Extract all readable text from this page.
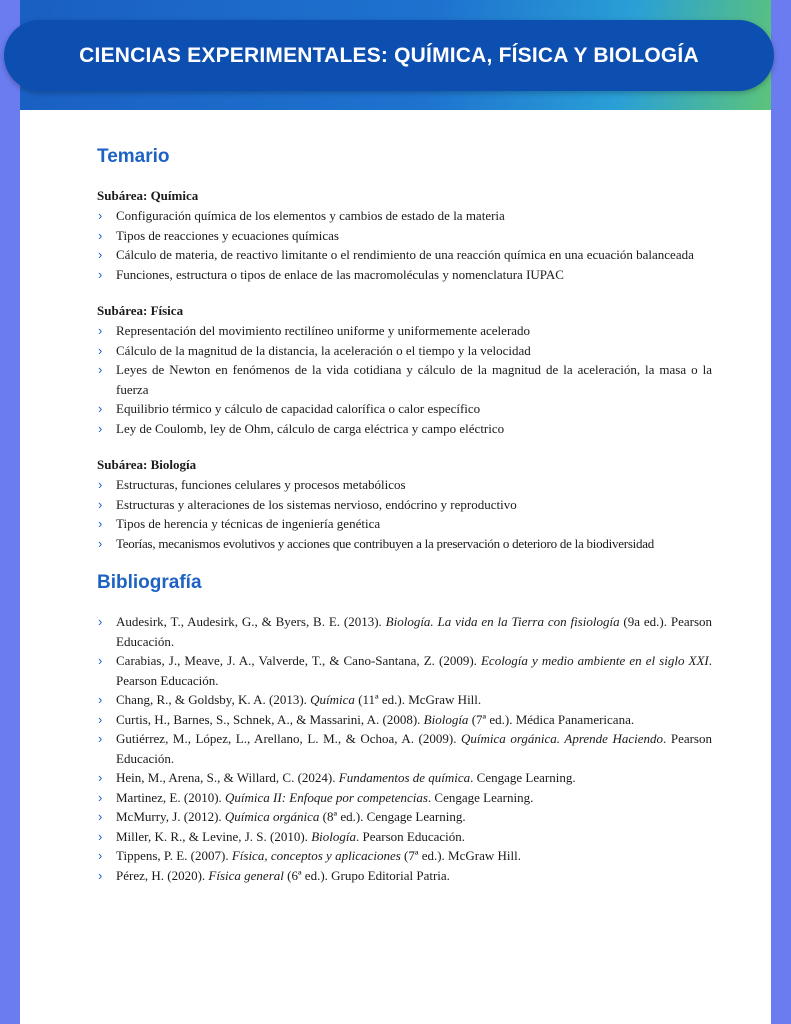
CIENCIAS EXPERIMENTALES: QUÍMICA, FÍSICA Y BIOLOGÍA
Temario
Subárea: Química
› Configuración química de los elementos y cambios de estado de la materia
› Tipos de reacciones y ecuaciones químicas
› Cálculo de materia, de reactivo limitante o el rendimiento de una reacción química en una ecuación balanceada
› Funciones, estructura o tipos de enlace de las macromoléculas y nomenclatura IUPAC
Subárea: Física
› Representación del movimiento rectilíneo uniforme y uniformemente acelerado
› Cálculo de la magnitud de la distancia, la aceleración o el tiempo y la velocidad
› Leyes de Newton en fenómenos de la vida cotidiana y cálculo de la magnitud de la aceleración, la masa o la fuerza
› Equilibrio térmico y cálculo de capacidad calorífica o calor específico
› Ley de Coulomb, ley de Ohm, cálculo de carga eléctrica y campo eléctrico
Subárea: Biología
› Estructuras, funciones celulares y procesos metabólicos
› Estructuras y alteraciones de los sistemas nervioso, endócrino y reproductivo
› Tipos de herencia y técnicas de ingeniería genética
› Teorías, mecanismos evolutivos y acciones que contribuyen a la preservación o deterioro de la biodiversidad
Bibliografía
› Audesirk, T., Audesirk, G., & Byers, B. E. (2013). Biología. La vida en la Tierra con fisiología (9a ed.). Pearson Educación.
› Carabias, J., Meave, J. A., Valverde, T., & Cano-Santana, Z. (2009). Ecología y medio ambiente en el siglo XXI. Pearson Educación.
› Chang, R., & Goldsby, K. A. (2013). Química (11ª ed.). McGraw Hill.
› Curtis, H., Barnes, S., Schnek, A., & Massarini, A. (2008). Biología (7ª ed.). Médica Panamericana.
› Gutiérrez, M., López, L., Arellano, L. M., & Ochoa, A. (2009). Química orgánica. Aprende Haciendo. Pearson Educación.
› Hein, M., Arena, S., & Willard, C. (2024). Fundamentos de química. Cengage Learning.
› Martinez, E. (2010). Química II: Enfoque por competencias. Cengage Learning.
› McMurry, J. (2012). Química orgánica (8ª ed.). Cengage Learning.
› Miller, K. R., & Levine, J. S. (2010). Biología. Pearson Educación.
› Tippens, P. E. (2007). Física, conceptos y aplicaciones (7ª ed.). McGraw Hill.
› Pérez, H. (2020). Física general (6ª ed.). Grupo Editorial Patria.
